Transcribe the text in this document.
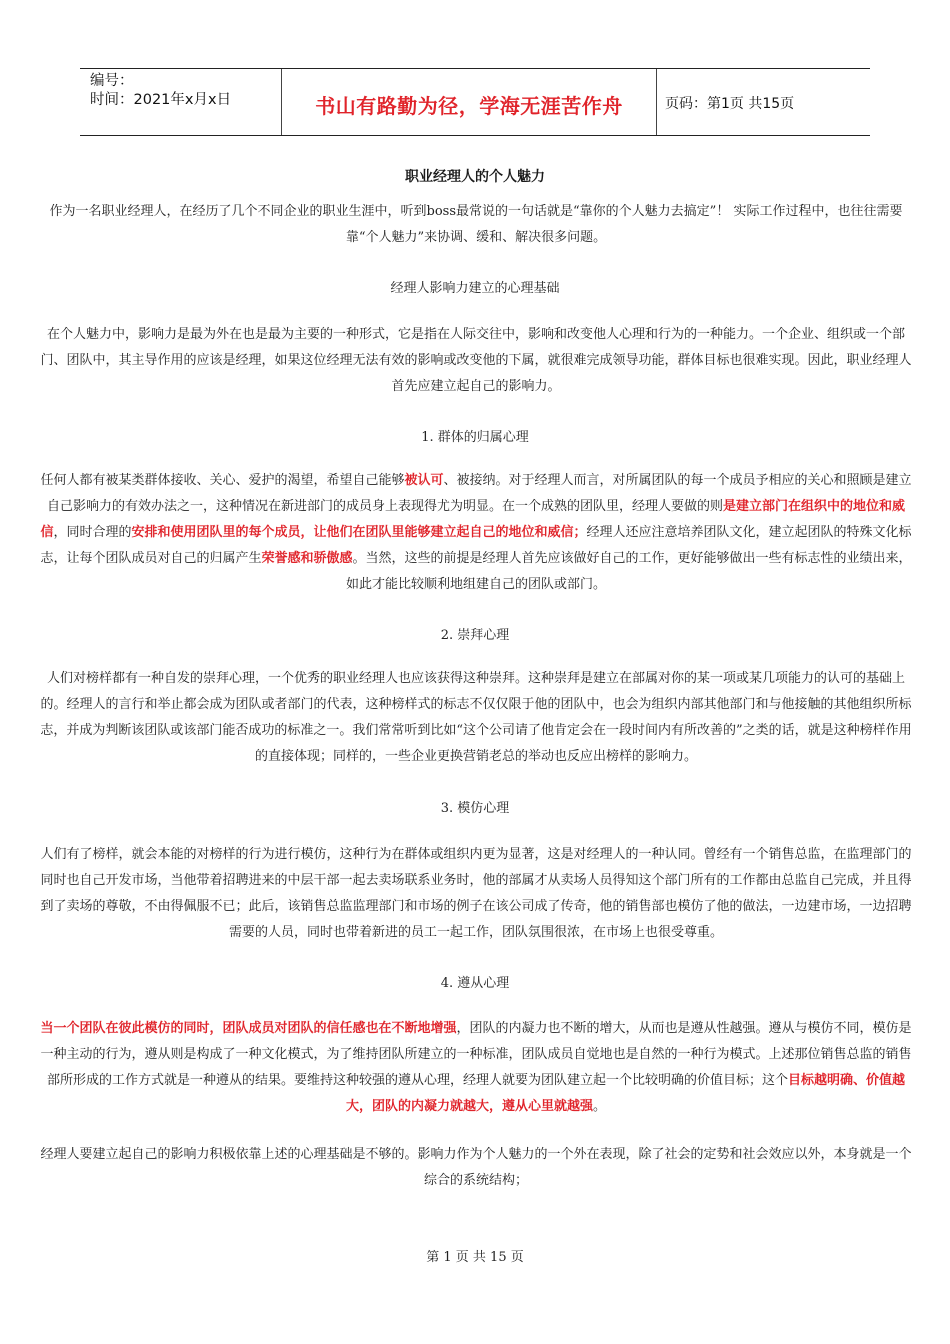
编号：
时间：2021年x月x日	书山有路勤为径，学海无涯苦作舟	页码：第1页 共15页
职业经理人的个人魅力
作为一名职业经理人，在经历了几个不同企业的职业生涯中，听到boss最常说的一句话就是“靠你的个人魅力去搞定”！ 实际工作过程中，也往往需要靠“个人魅力”来协调、缓和、解决很多问题。
经理人影响力建立的心理基础
在个人魅力中，影响力是最为外在也是最为主要的一种形式，它是指在人际交往中，影响和改变他人心理和行为的一种能力。一个企业、组织或一个部门、团队中，其主导作用的应该是经理，如果这位经理无法有效的影响或改变他的下属，就很难完成领导功能，群体目标也很难实现。因此，职业经理人首先应建立起自己的影响力。
1. 群体的归属心理
任何人都有被某类群体接收、关心、爱护的渴望，希望自己能够被认可、被接纳。对于经理人而言，对所属团队的每一个成员予相应的关心和照顾是建立自己影响力的有效办法之一，这种情况在新进部门的成员身上表现得尤为明显。在一个成熟的团队里，经理人要做的则是建立部门在组织中的地位和威信，同时合理的安排和使用团队里的每个成员，让他们在团队里能够建立起自己的地位和威信；经理人还应注意培养团队文化，建立起团队的特殊文化标志，让每个团队成员对自己的归属产生荣誉感和骄傲感。当然，这些的前提是经理人首先应该做好自己的工作，更好能够做出一些有标志性的业绩出来，如此才能比较顺利地组建自己的团队或部门。
2. 崇拜心理
人们对榜样都有一种自发的崇拜心理，一个优秀的职业经理人也应该获得这种崇拜。这种崇拜是建立在部属对你的某一项或某几项能力的认可的基础上的。经理人的言行和举止都会成为团队或者部门的代表，这种榜样式的标志不仅仅限于他的团队中，也会为组织内部其他部门和与他接触的其他组织所标志，并成为判断该团队或该部门能否成功的标准之一。我们常常听到比如“这个公司请了他肯定会在一段时间内有所改善的”之类的话，就是这种榜样作用的直接体现；同样的，一些企业更换营销老总的举动也反应出榜样的影响力。
3. 模仿心理
人们有了榜样，就会本能的对榜样的行为进行模仿，这种行为在群体或组织内更为显著，这是对经理人的一种认同。曾经有一个销售总监，在监理部门的同时也自己开发市场，当他带着招聘进来的中层干部一起去卖场联系业务时，他的部属才从卖场人员得知这个部门所有的工作都由总监自己完成，并且得到了卖场的尊敬，不由得佩服不已；此后，该销售总监监理部门和市场的例子在该公司成了传奇，他的销售部也模仿了他的做法，一边建市场，一边招聘需要的人员，同时也带着新进的员工一起工作，团队氛围很浓，在市场上也很受尊重。
4. 遵从心理
当一个团队在彼此模仿的同时，团队成员对团队的信任感也在不断地增强，团队的内凝力也不断的增大，从而也是遵从性越强。遵从与模仿不同，模仿是一种主动的行为，遵从则是构成了一种文化模式，为了维持团队所建立的一种标准，团队成员自觉地也是自然的一种行为模式。上述那位销售总监的销售部所形成的工作方式就是一种遵从的结果。要维持这种较强的遵从心理，经理人就要为团队建立起一个比较明确的价值目标；这个目标越明确、价值越大，团队的内凝力就越大，遵从心里就越强。
经理人要建立起自己的影响力积极依靠上述的心理基础是不够的。影响力作为个人魅力的一个外在表现，除了社会的定势和社会效应以外，本身就是一个综合的系统结构；
第 1 页 共 15 页
